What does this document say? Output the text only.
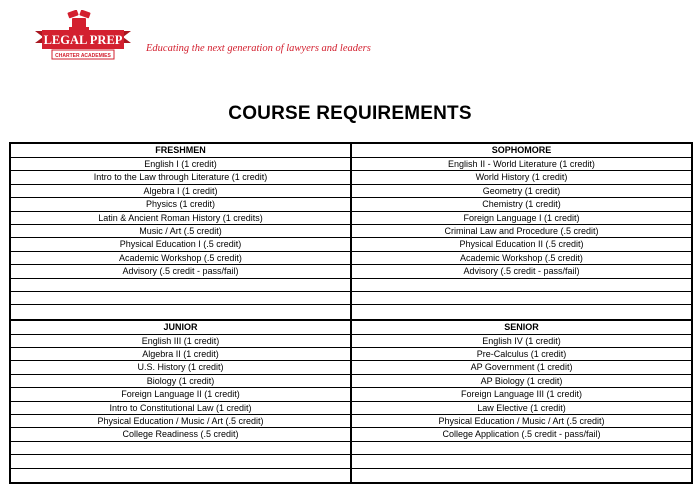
LEGAL PREP
CHARTER ACADEMIES
Educating the next generation of lawyers and leaders
COURSE REQUIREMENTS
FRESHMEN
English I (1 credit)
Intro to the Law through Literature (1 credit)
Algebra I (1 credit)
Physics (1 credit)
Latin & Ancient Roman History (1 credits)
Music / Art (.5 credit)
Physical Education I (.5 credit)
Academic Workshop (.5 credit)
Advisory (.5 credit - pass/fail)
SOPHOMORE
English II - World Literature (1 credit)
World History (1 credit)
Geometry (1 credit)
Chemistry (1 credit)
Foreign Language I (1 credit)
Criminal Law and Procedure (.5 credit)
Physical Education II (.5 credit)
Academic Workshop (.5 credit)
Advisory (.5 credit - pass/fail)
JUNIOR
English III (1 credit)
Algebra II (1 credit)
U.S. History (1 credit)
Biology (1 credit)
Foreign Language II (1 credit)
Intro to Constitutional Law (1 credit)
Physical Education / Music / Art (.5 credit)
College Readiness (.5 credit)
SENIOR
English IV (1 credit)
Pre-Calculus (1 credit)
AP Government (1 credit)
AP Biology (1 credit)
Foreign Language III (1 credit)
Law Elective (1 credit)
Physical Education / Music / Art (.5 credit)
College Application (.5 credit - pass/fail)
